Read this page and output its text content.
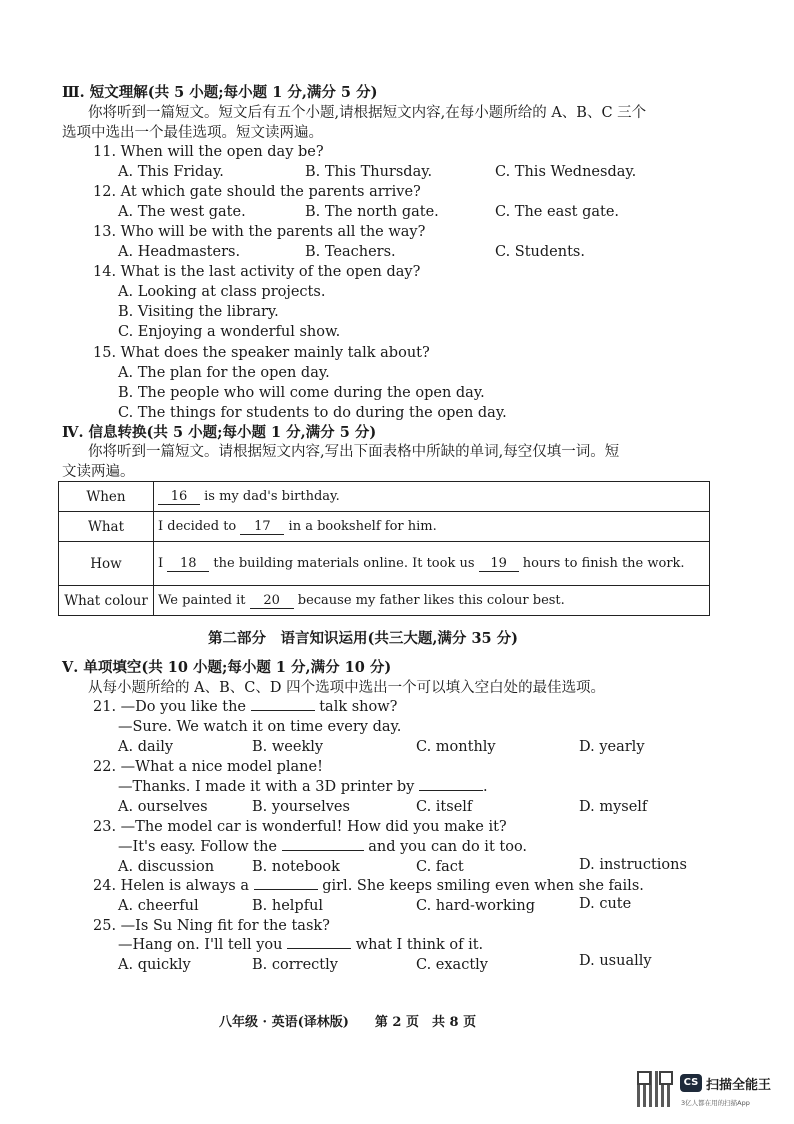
Ⅲ. 短文理解(共 5 小题;每小题 1 分,满分 5 分)
你将听到一篇短文。短文后有五个小题,请根据短文内容,在每小题所给的 A、B、C 三个
选项中选出一个最佳选项。短文读两遍。
11. When will the open day be?
A. This Friday.	B. This Thursday.	C. This Wednesday.
12. At which gate should the parents arrive?
A. The west gate.	B. The north gate.	C. The east gate.
13. Who will be with the parents all the way?
A. Headmasters.	B. Teachers.	C. Students.
14. What is the last activity of the open day?
A. Looking at class projects.
B. Visiting the library.
C. Enjoying a wonderful show.
15. What does the speaker mainly talk about?
A. The plan for the open day.
B. The people who will come during the open day.
C. The things for students to do during the open day.
Ⅳ. 信息转换(共 5 小题;每小题 1 分,满分 5 分)
你将听到一篇短文。请根据短文内容,写出下面表格中所缺的单词,每空仅填一词。短
文读两遍。
When	16 is my dad's birthday.
What	I decided to 17 in a bookshelf for him.
How	I 18 the building materials online. It took us 19 hours to finish the work.
What colour	We painted it 20 because my father likes this colour best.
第二部分　语言知识运用(共三大题,满分 35 分)
Ⅴ. 单项填空(共 10 小题;每小题 1 分,满分 10 分)
从每小题所给的 A、B、C、D 四个选项中选出一个可以填入空白处的最佳选项。
21. —Do you like the	talk show?
—Sure. We watch it on time every day.
A. daily	B. weekly	C. monthly	D. yearly
22. —What a nice model plane!
—Thanks. I made it with a 3D printer by	.
A. ourselves	B. yourselves	C. itself	D. myself
23. —The model car is wonderful! How did you make it?
—It's easy. Follow the	and you can do it too.
A. discussion	B. notebook	C. fact	D. instructions
24. Helen is always a	girl. She keeps smiling even when she fails.
A. cheerful	B. helpful	C. hard-working	D. cute
25. —Is Su Ning fit for the task?
—Hang on. I'll tell you	what I think of it.
A. quickly	B. correctly	C. exactly	D. usually
八年级 · 英语(译林版)　　第 2 页　共 8 页
CS 扫描全能王
3亿人都在用的扫描App
